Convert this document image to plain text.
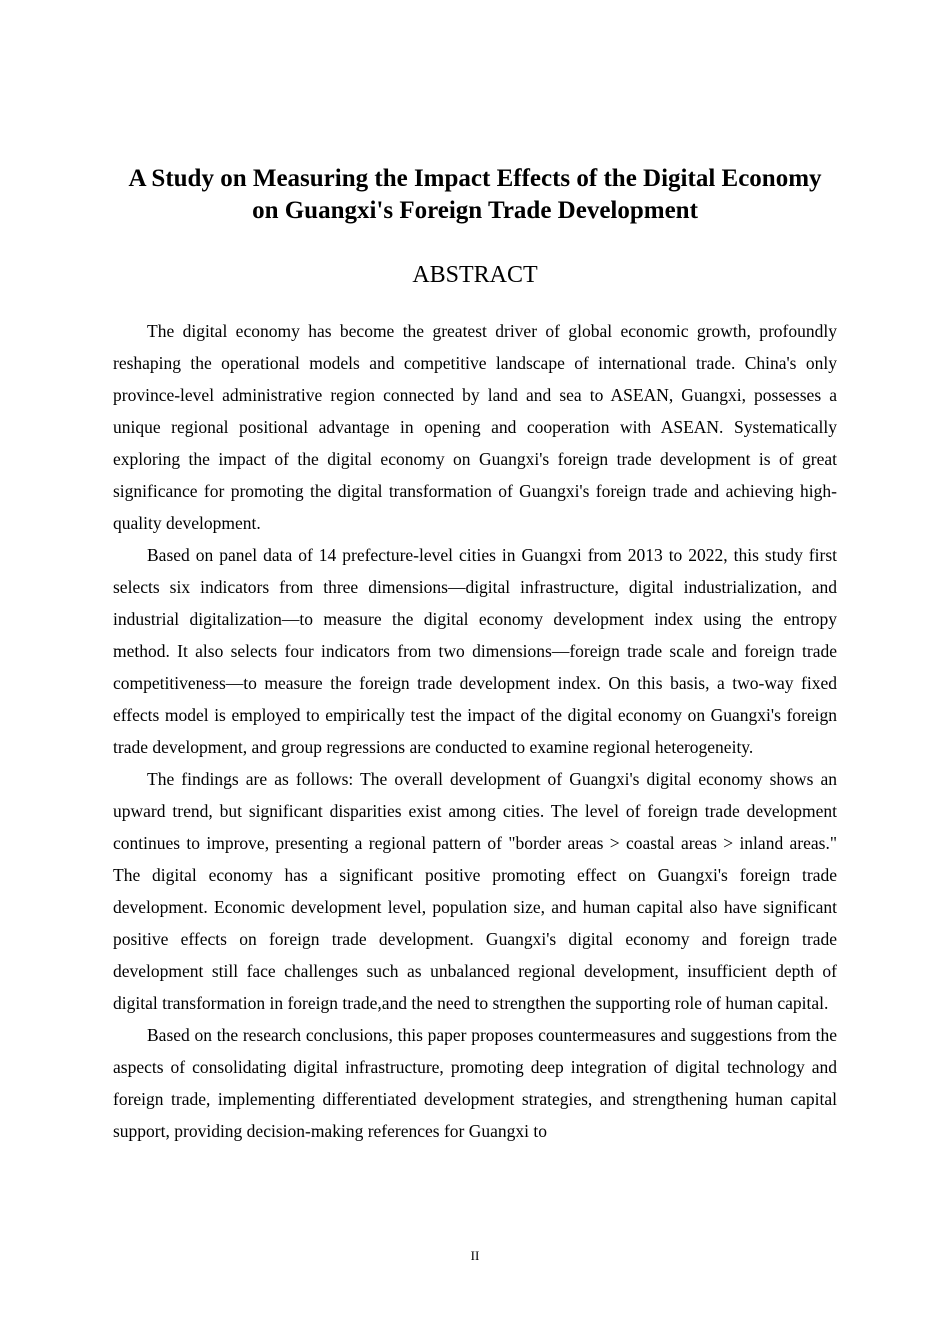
A Study on Measuring the Impact Effects of the Digital Economy
on Guangxi's Foreign Trade Development
ABSTRACT

The digital economy has become the greatest driver of global economic growth, profoundly reshaping the operational models and competitive landscape of international trade. China's only province-level administrative region connected by land and sea to ASEAN, Guangxi, possesses a unique regional positional advantage in opening and cooperation with ASEAN. Systematically exploring the impact of the digital economy on Guangxi's foreign trade development is of great significance for promoting the digital transformation of Guangxi's foreign trade and achieving high-quality development.

Based on panel data of 14 prefecture-level cities in Guangxi from 2013 to 2022, this study first selects six indicators from three dimensions—digital infrastructure, digital industrialization, and industrial digitalization—to measure the digital economy development index using the entropy method. It also selects four indicators from two dimensions—foreign trade scale and foreign trade competitiveness—to measure the foreign trade development index. On this basis, a two-way fixed effects model is employed to empirically test the impact of the digital economy on Guangxi's foreign trade development, and group regressions are conducted to examine regional heterogeneity.

The findings are as follows: The overall development of Guangxi's digital economy shows an upward trend, but significant disparities exist among cities. The level of foreign trade development continues to improve, presenting a regional pattern of "border areas > coastal areas > inland areas." The digital economy has a significant positive promoting effect on Guangxi's foreign trade development. Economic development level, population size, and human capital also have significant positive effects on foreign trade development. Guangxi's digital economy and foreign trade development still face challenges such as unbalanced regional development, insufficient depth of digital transformation in foreign trade,and the need to strengthen the supporting role of human capital.

Based on the research conclusions, this paper proposes countermeasures and suggestions from the aspects of consolidating digital infrastructure, promoting deep integration of digital technology and foreign trade, implementing differentiated development strategies, and strengthening human capital support, providing decision-making references for Guangxi to

II
